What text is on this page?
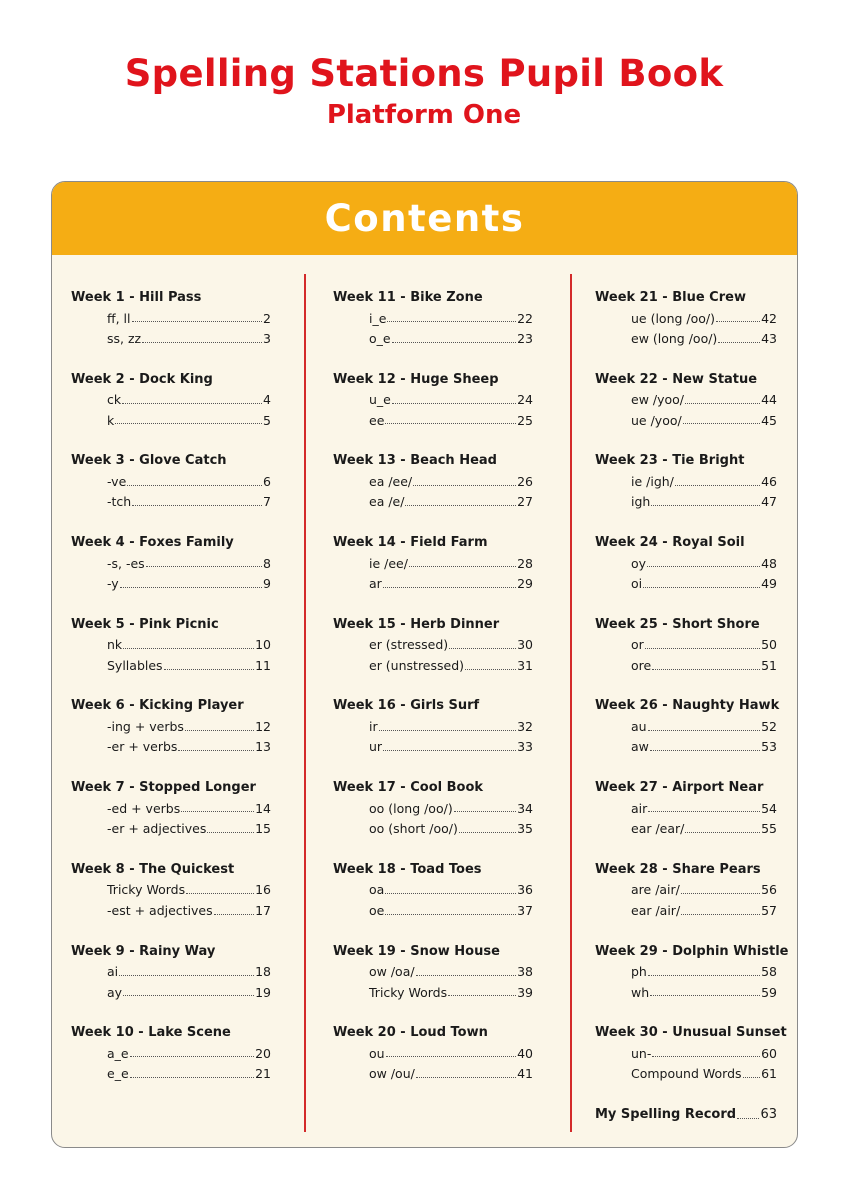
Spelling Stations Pupil Book
Platform One
Contents
Week 1 - Hill Pass
ff, ll	2
ss, zz	3
Week 2 - Dock King
ck	4
k	5
Week 3 - Glove Catch
-ve	6
-tch	7
Week 4 - Foxes Family
-s, -es	8
-y	9
Week 5 - Pink Picnic
nk	10
Syllables	11
Week 6 - Kicking Player
-ing + verbs	12
-er + verbs	13
Week 7 - Stopped Longer
-ed + verbs	14
-er + adjectives	15
Week 8 - The Quickest
Tricky Words	16
-est + adjectives	17
Week 9 - Rainy Way
ai	18
ay	19
Week 10 - Lake Scene
a_e	20
e_e	21
Week 11 - Bike Zone
i_e	22
o_e	23
Week 12 - Huge Sheep
u_e	24
ee	25
Week 13 - Beach Head
ea /ee/	26
ea /e/	27
Week 14 - Field Farm
ie /ee/	28
ar	29
Week 15 - Herb Dinner
er (stressed)	30
er (unstressed)	31
Week 16 - Girls Surf
ir	32
ur	33
Week 17 - Cool Book
oo (long /oo/)	34
oo (short /oo/)	35
Week 18 - Toad Toes
oa	36
oe	37
Week 19 - Snow House
ow /oa/	38
Tricky Words	39
Week 20 - Loud Town
ou	40
ow /ou/	41
Week 21 - Blue Crew
ue (long /oo/)	42
ew (long /oo/)	43
Week 22 - New Statue
ew /yoo/	44
ue /yoo/	45
Week 23 - Tie Bright
ie /igh/	46
igh	47
Week 24 - Royal Soil
oy	48
oi	49
Week 25 - Short Shore
or	50
ore	51
Week 26 - Naughty Hawk
au	52
aw	53
Week 27 - Airport Near
air	54
ear /ear/	55
Week 28 - Share Pears
are /air/	56
ear /air/	57
Week 29 - Dolphin Whistle
ph	58
wh	59
Week 30 - Unusual Sunset
un-	60
Compound Words 61
My Spelling Record 63
